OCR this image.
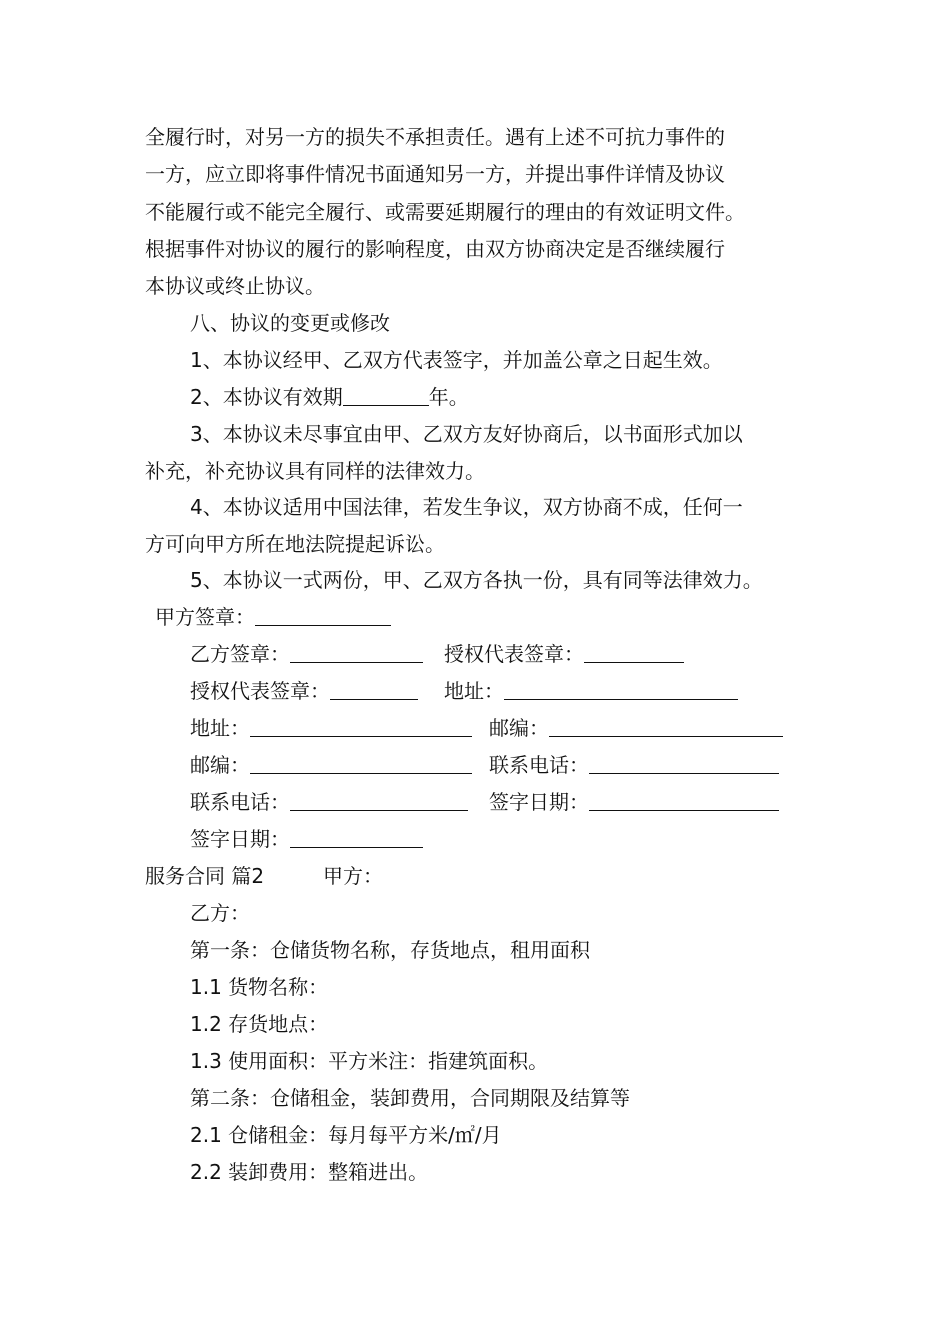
全履行时，对另一方的损失不承担责任。遇有上述不可抗力事件的
一方，应立即将事件情况书面通知另一方，并提出事件详情及协议
不能履行或不能完全履行、或需要延期履行的理由的有效证明文件。
根据事件对协议的履行的影响程度，由双方协商决定是否继续履行
本协议或终止协议。
八、协议的变更或修改
1、本协议经甲、乙双方代表签字，并加盖公章之日起生效。
2、本协议有效期	年。
3、本协议未尽事宜由甲、乙双方友好协商后，以书面形式加以
补充，补充协议具有同样的法律效力。
4、本协议适用中国法律，若发生争议，双方协商不成，任何一
方可向甲方所在地法院提起诉讼。
5、本协议一式两份，甲、乙双方各执一份，具有同等法律效力。
甲方签章：
乙方签章：	授权代表签章：
授权代表签章：	地址：
地址：	邮编：
邮编：	联系电话：
联系电话：	签字日期：
签字日期：
服务合同 篇2	甲方：
乙方：
第一条：仓储货物名称，存货地点，租用面积
1.1 货物名称：
1.2 存货地点：
1.3 使用面积：平方米注：指建筑面积。
第二条：仓储租金，装卸费用，合同期限及结算等
2.1 仓储租金：每月每平方米/㎡/月
2.2 装卸费用：整箱进出。
